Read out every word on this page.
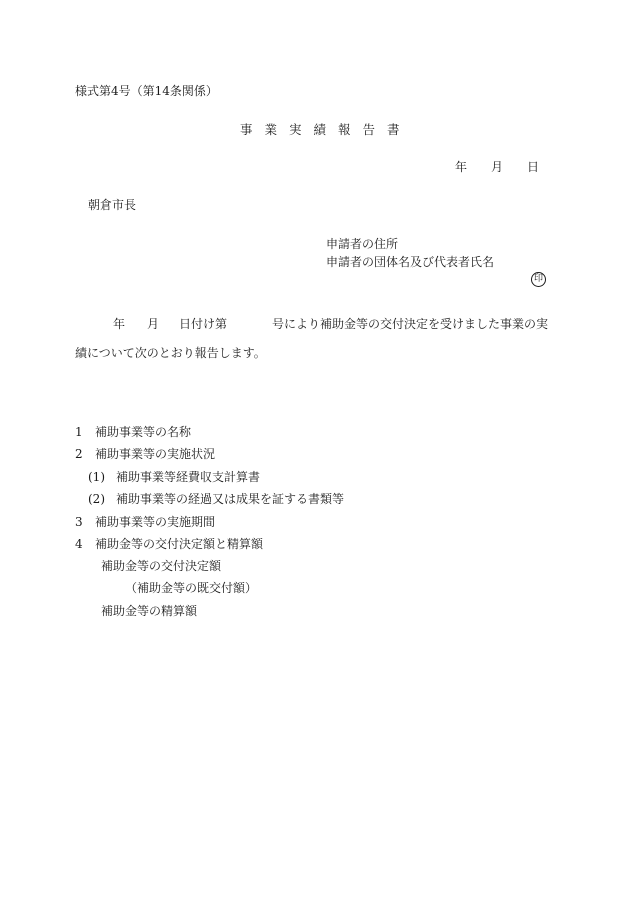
様式第4号（第14条関係）
事業実績報告書
年 月 日
朝倉市長
申請者の住所
申請者の団体名及び代表者氏名
印
年 月 日付け第	号により補助金等の交付決定を受けました事業の実
績について次のとおり報告します。
1 補助事業等の名称
2 補助事業等の実施状況
(1) 補助事業等経費収支計算書
(2) 補助事業等の経過又は成果を証する書類等
3 補助事業等の実施期間
4 補助金等の交付決定額と精算額
補助金等の交付決定額
（補助金等の既交付額）
補助金等の精算額
